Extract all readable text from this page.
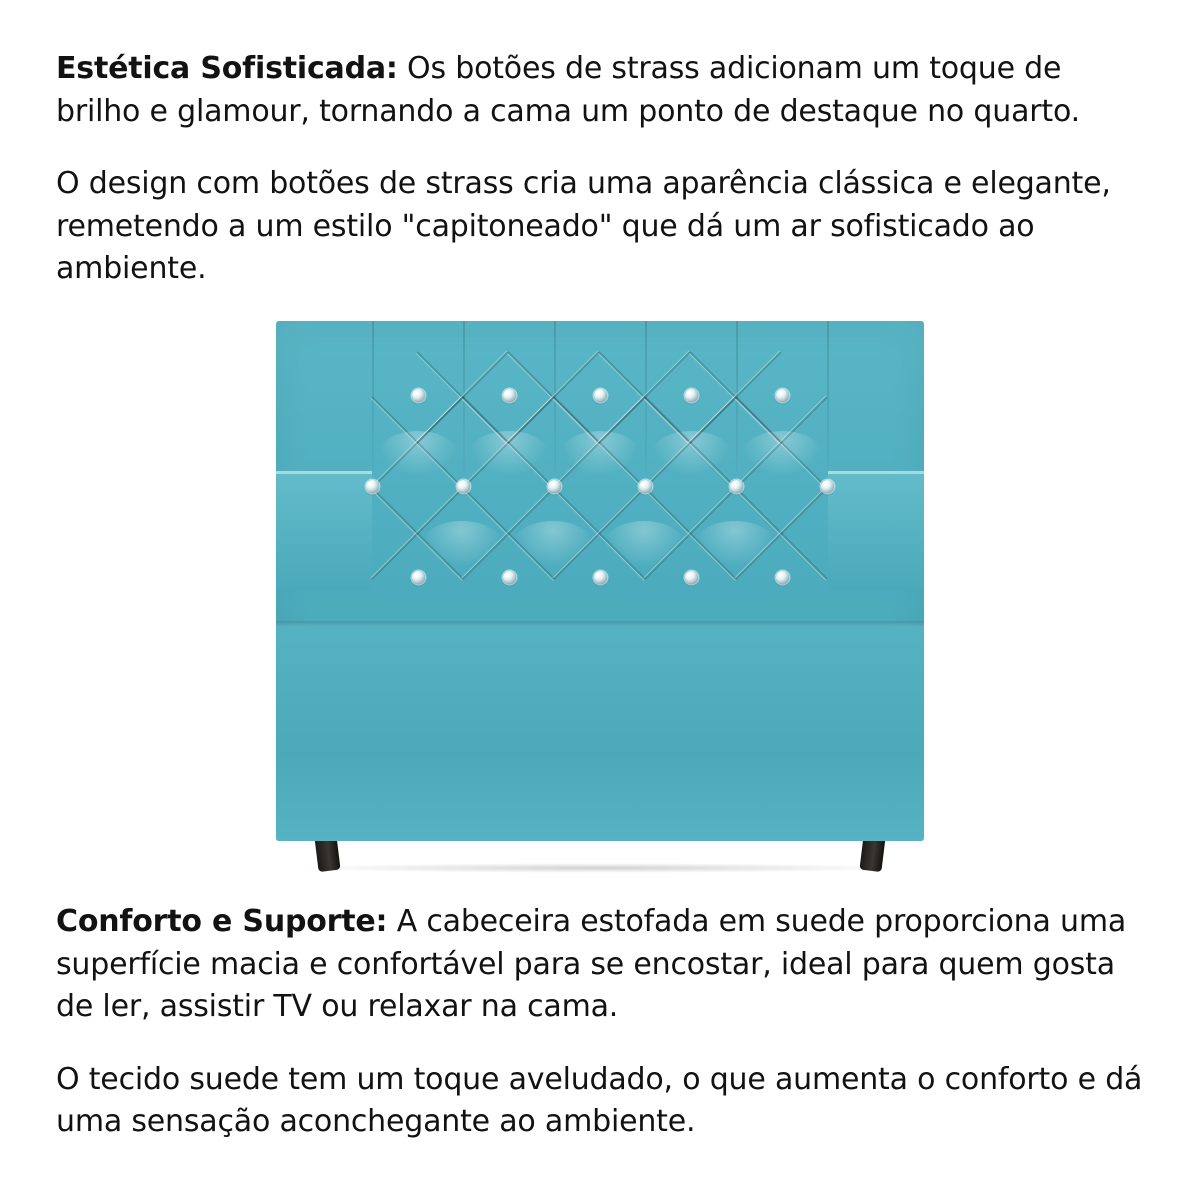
Estética Sofisticada: Os botões de strass adicionam um toque de brilho e glamour, tornando a cama um ponto de destaque no quarto.

O design com botões de strass cria uma aparência clássica e elegante, remetendo a um estilo "capitoneado" que dá um ar sofisticado ao ambiente.

Conforto e Suporte: A cabeceira estofada em suede proporciona uma superfície macia e confortável para se encostar, ideal para quem gosta de ler, assistir TV ou relaxar na cama.

O tecido suede tem um toque aveludado, o que aumenta o conforto e dá uma sensação aconchegante ao ambiente.
